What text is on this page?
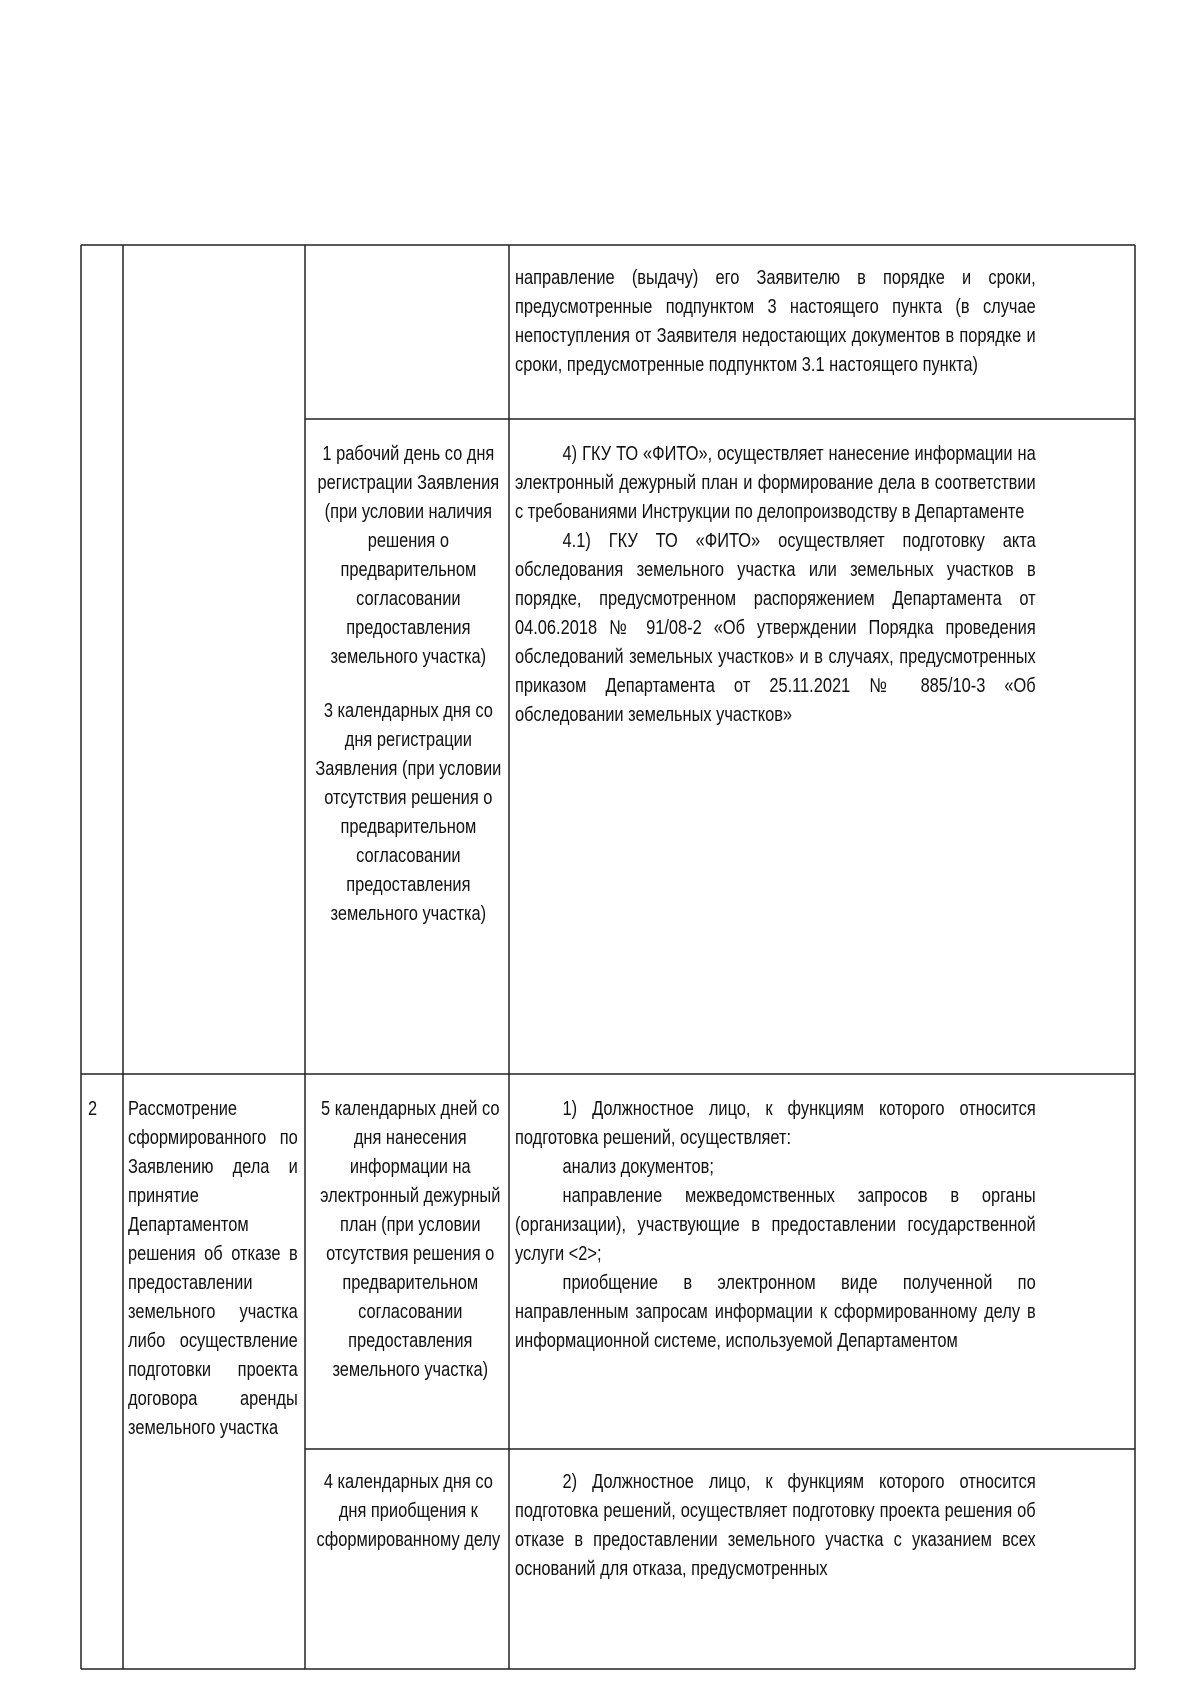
направление (выдачу) его Заявителю в порядке и сроки, предусмотренные подпунктом 3 настоящего пункта (в случае непоступления от Заявителя недостающих документов в порядке и сроки, предусмотренные подпунктом 3.1 настоящего пункта)

1 рабочий день со дня регистрации Заявления (при условии наличия решения о предварительном согласовании предоставления земельного участка)

3 календарных дня со дня регистрации Заявления (при условии отсутствия решения о предварительном согласовании предоставления земельного участка)

4) ГКУ ТО «ФИТО», осуществляет нанесение информации на электронный дежурный план и формирование дела в соответствии с требованиями Инструкции по делопроизводству в Департаменте

4.1) ГКУ ТО «ФИТО» осуществляет подготовку акта обследования земельного участка или земельных участков в порядке, предусмотренном распоряжением Департамента от 04.06.2018 № 91/08-2 «Об утверждении Порядка проведения обследований земельных участков» и в случаях, предусмотренных приказом Департамента от 25.11.2021 № 885/10-3 «Об обследовании земельных участков»

2 Рассмотрение сформированного по Заявлению дела и принятие Департаментом решения об отказе в предоставлении земельного участка либо осуществление подготовки проекта договора аренды земельного участка

5 календарных дней со дня нанесения информации на электронный дежурный план (при условии отсутствия решения о предварительном согласовании предоставления земельного участка)

1) Должностное лицо, к функциям которого относится подготовка решений, осуществляет:

анализ документов;

направление межведомственных запросов в органы (организации), участвующие в предоставлении государственной услуги <2>;

приобщение в электронном виде полученной по направленным запросам информации к сформированному делу в информационной системе, используемой Департаментом

4 календарных дня со дня приобщения к сформированному делу

2) Должностное лицо, к функциям которого относится подготовка решений, осуществляет подготовку проекта решения об отказе в предоставлении земельного участка с указанием всех оснований для отказа, предусмотренных
